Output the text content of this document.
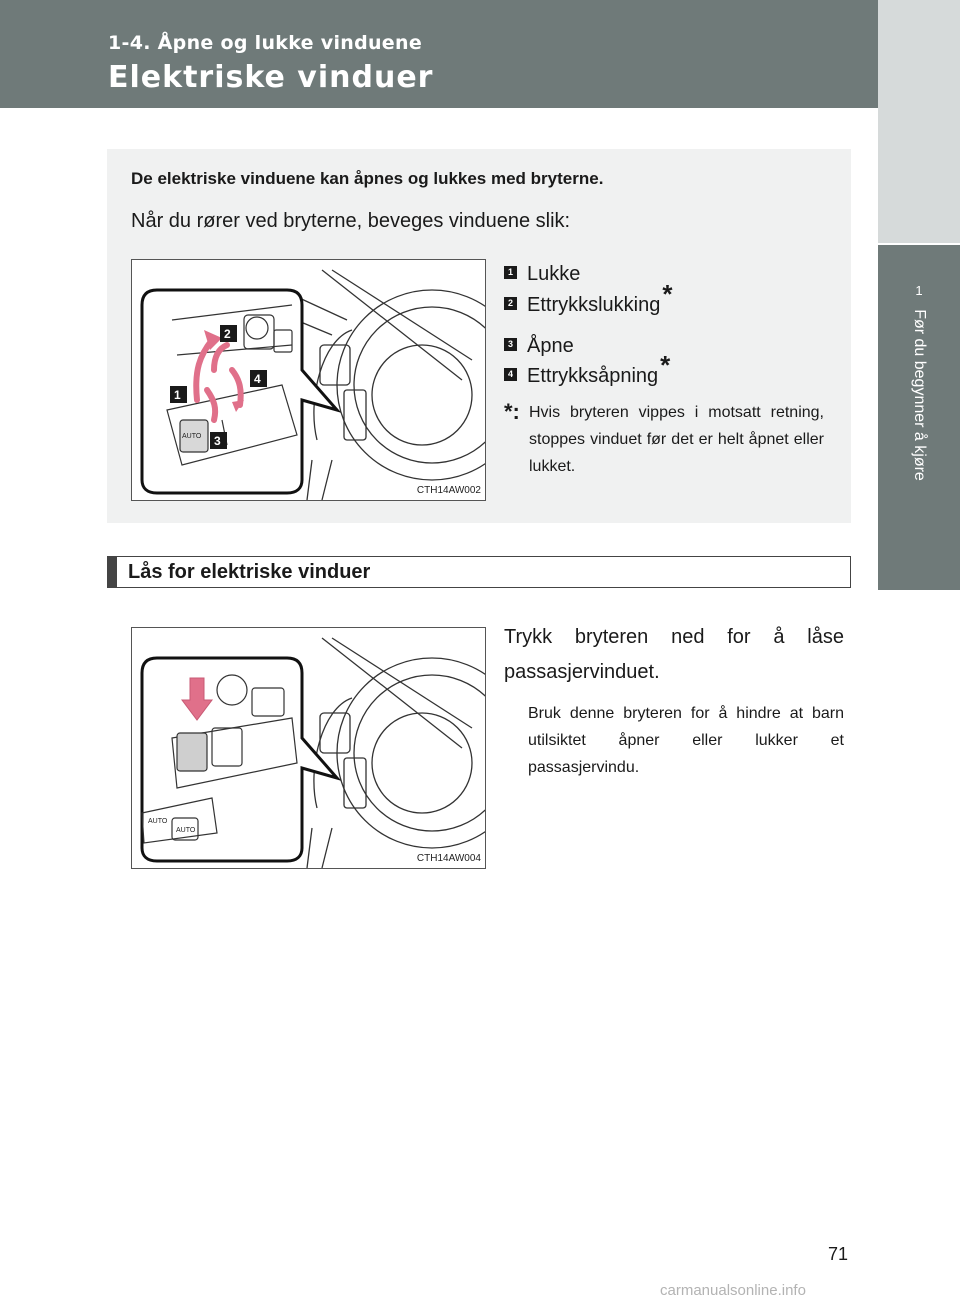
1-4. Åpne og lukke vinduene
Elektriske vinduer
1
Før du begynner å kjøre
De elektriske vinduene kan åpnes og lukkes med bryterne.
Når du rører ved bryterne, beveges vinduene slik:
AUTO
1
2
3
4
CTH14AW002
1 Lukke
2 Ettrykkslukking*
3 Åpne
4 Ettrykksåpning*
*: Hvis bryteren vippes i motsatt retning, stoppes vinduet før det er helt åpnet eller lukket.
Lås for elektriske vinduer
AUTO
AUTO
CTH14AW004
Trykk bryteren ned for å låse passasjervinduet.
Bruk denne bryteren for å hindre at barn utilsiktet åpner eller lukker et passasjervindu.
71
carmanualsonline.info
